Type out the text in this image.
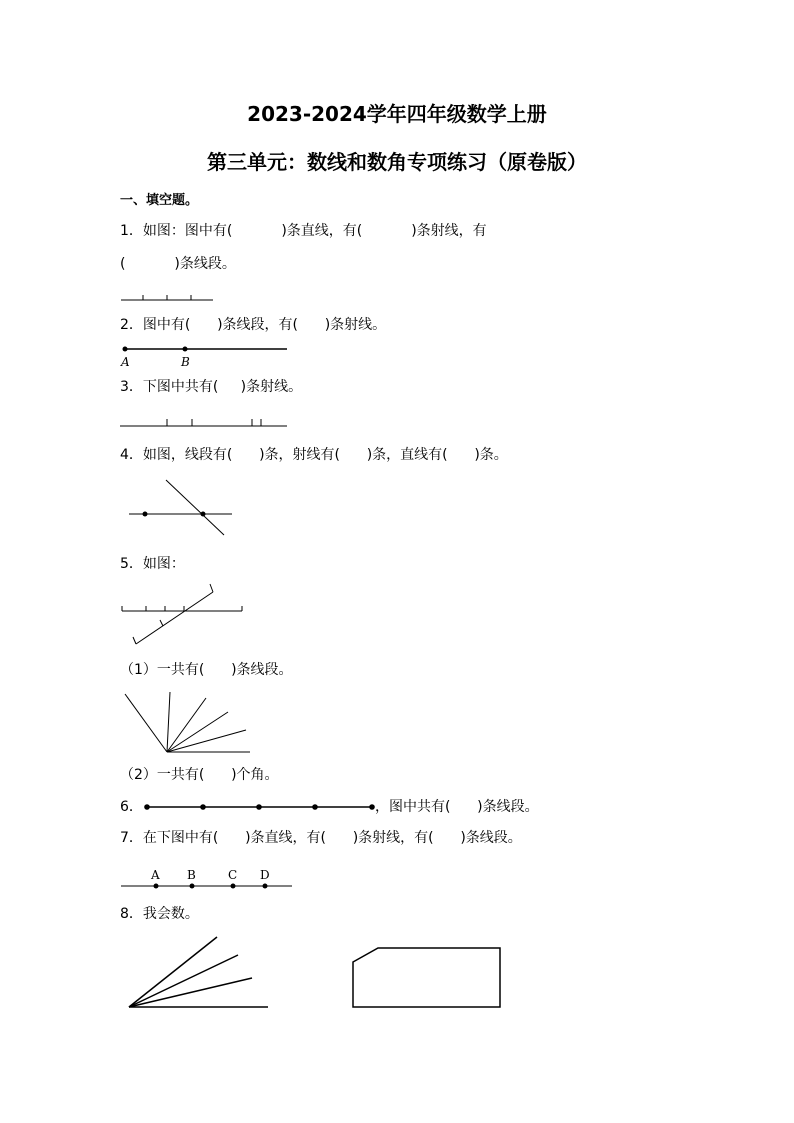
2023-2024学年四年级数学上册
第三单元：数线和数角专项练习（原卷版）
一、填空题。
1．如图：图中有(           )条直线，有(           )条射线，有
(           )条线段。
2．图中有(      )条线段，有(      )条射线。
A	B
3．下图中共有(     )条射线。
4．如图，线段有(      )条，射线有(      )条，直线有(      )条。
5．如图：
（1）一共有(      )条线段。
（2）一共有(      )个角。
6．	，图中共有(      )条线段。
7．在下图中有(      )条直线，有(      )条射线，有(      )条线段。
A B	C D
8．我会数。
